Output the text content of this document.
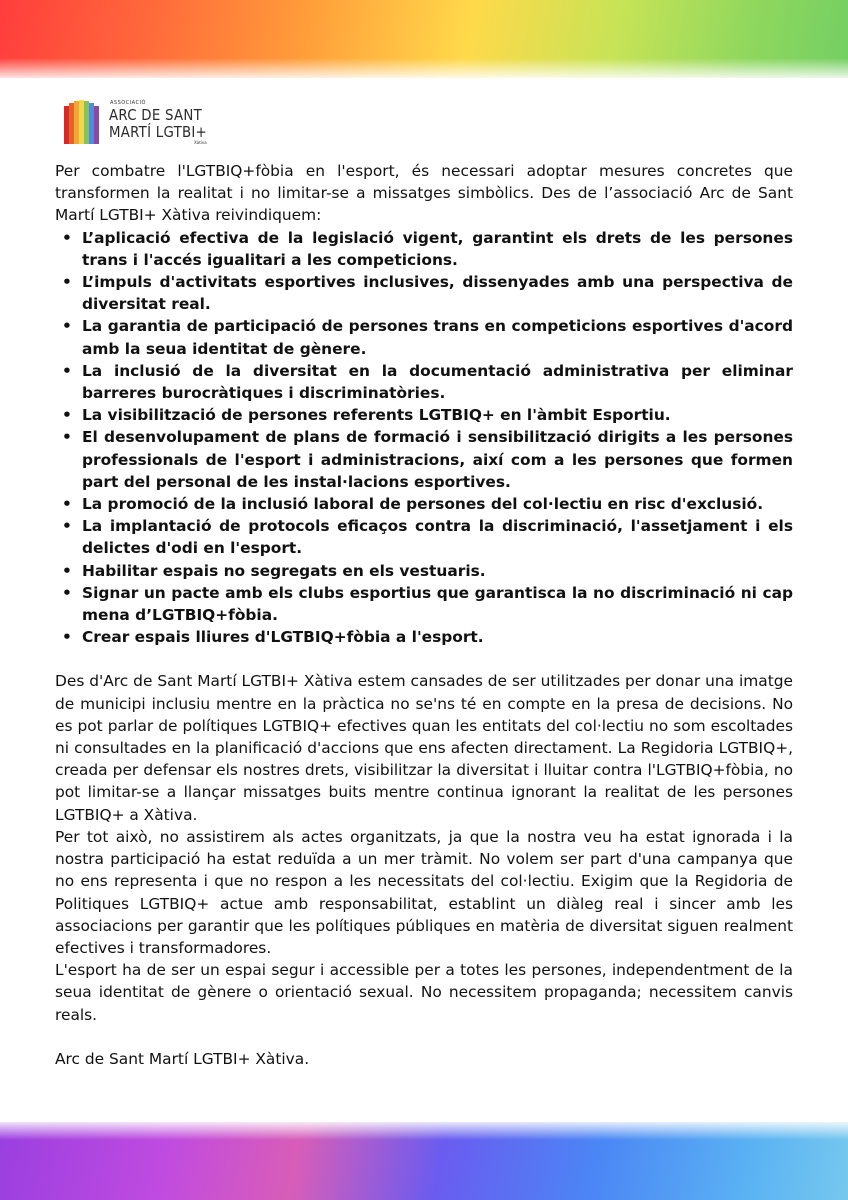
ASSOCIACIÓ
ARC DE SANT
MARTÍ LGTBI+
Xàtiva

Per combatre l'LGTBIQ+fòbia en l'esport, és necessari adoptar mesures concretes que transformen la realitat i no limitar-se a missatges simbòlics. Des de l’associació Arc de Sant Martí LGTBI+ Xàtiva reivindiquem:

• L’aplicació efectiva de la legislació vigent, garantint els drets de les persones trans i l'accés igualitari a les competicions.
• L’impuls d'activitats esportives inclusives, dissenyades amb una perspectiva de diversitat real.
• La garantia de participació de persones trans en competicions esportives d'acord amb la seua identitat de gènere.
• La inclusió de la diversitat en la documentació administrativa per eliminar barreres burocràtiques i discriminatòries.
• La visibilització de persones referents LGTBIQ+ en l'àmbit Esportiu.
• El desenvolupament de plans de formació i sensibilització dirigits a les persones professionals de l'esport i administracions, així com a les persones que formen part del personal de les instal·lacions esportives.
• La promoció de la inclusió laboral de persones del col·lectiu en risc d'exclusió.
• La implantació de protocols eficaços contra la discriminació, l'assetjament i els delictes d'odi en l'esport.
• Habilitar espais no segregats en els vestuaris.
• Signar un pacte amb els clubs esportius que garantisca la no discriminació ni cap mena d’LGTBIQ+fòbia.
• Crear espais lliures d'LGTBIQ+fòbia a l'esport.

Des d'Arc de Sant Martí LGTBI+ Xàtiva estem cansades de ser utilitzades per donar una imatge de municipi inclusiu mentre en la pràctica no se'ns té en compte en la presa de decisions. No es pot parlar de polítiques LGTBIQ+ efectives quan les entitats del col·lectiu no som escoltades ni consultades en la planificació d'accions que ens afecten directament. La Regidoria LGTBIQ+, creada per defensar els nostres drets, visibilitzar la diversitat i lluitar contra l'LGTBIQ+fòbia, no pot limitar-se a llançar missatges buits mentre continua ignorant la realitat de les persones LGTBIQ+ a Xàtiva.

Per tot això, no assistirem als actes organitzats, ja que la nostra veu ha estat ignorada i la nostra participació ha estat reduïda a un mer tràmit. No volem ser part d'una campanya que no ens representa i que no respon a les necessitats del col·lectiu. Exigim que la Regidoria de Politiques LGTBIQ+ actue amb responsabilitat, establint un diàleg real i sincer amb les associacions per garantir que les polítiques públiques en matèria de diversitat siguen realment efectives i transformadores.

L'esport ha de ser un espai segur i accessible per a totes les persones, independentment de la seua identitat de gènere o orientació sexual. No necessitem propaganda; necessitem canvis reals.

Arc de Sant Martí LGTBI+ Xàtiva.
